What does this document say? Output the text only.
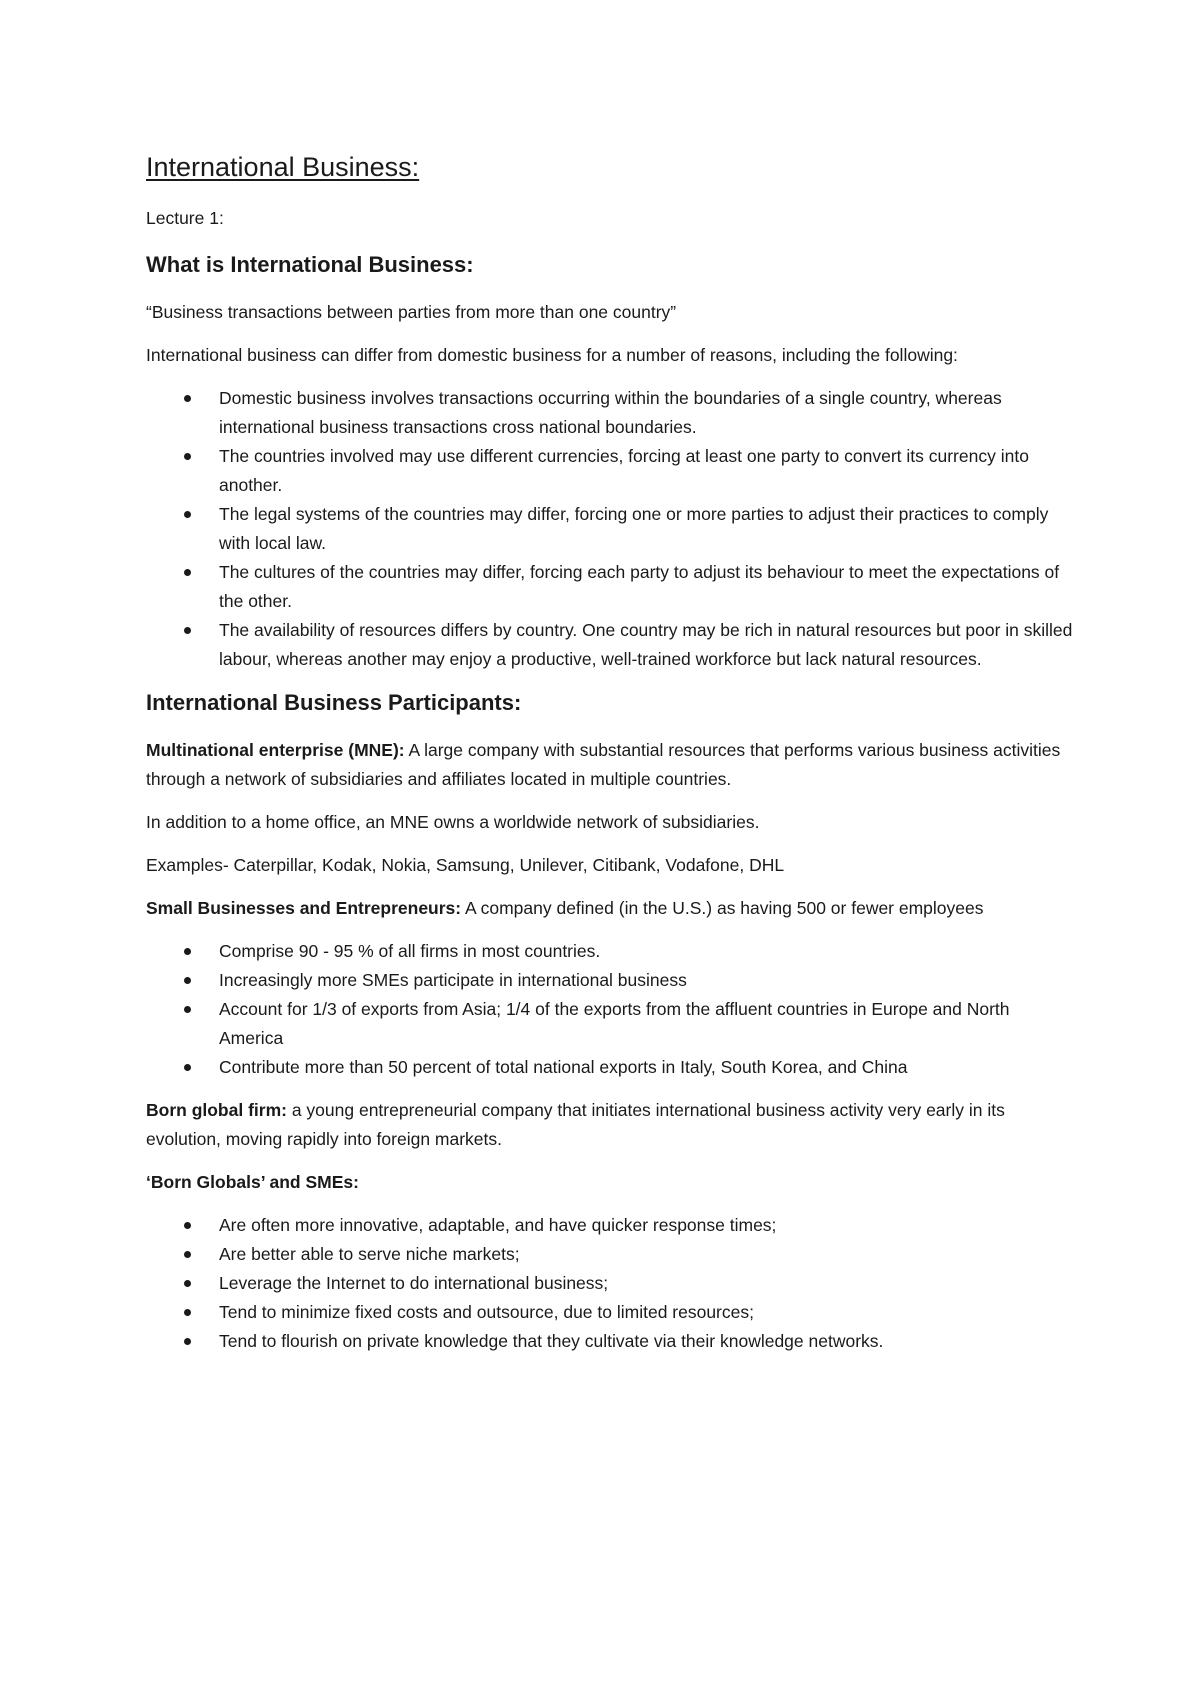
International Business:

Lecture 1:

What is International Business:

“Business transactions between parties from more than one country”

International business can differ from domestic business for a number of reasons, including the following:

Domestic business involves transactions occurring within the boundaries of a single country, whereas international business transactions cross national boundaries.
The countries involved may use different currencies, forcing at least one party to convert its currency into another.
The legal systems of the countries may differ, forcing one or more parties to adjust their practices to comply with local law.
The cultures of the countries may differ, forcing each party to adjust its behaviour to meet the expectations of the other.
The availability of resources differs by country. One country may be rich in natural resources but poor in skilled labour, whereas another may enjoy a productive, well-trained workforce but lack natural resources.
International Business Participants:

Multinational enterprise (MNE): A large company with substantial resources that performs various business activities through a network of subsidiaries and affiliates located in multiple countries.

In addition to a home office, an MNE owns a worldwide network of subsidiaries.

Examples- Caterpillar, Kodak, Nokia, Samsung, Unilever, Citibank, Vodafone, DHL

Small Businesses and Entrepreneurs: A company defined (in the U.S.) as having 500 or fewer employees

Comprise 90 - 95 % of all firms in most countries.
Increasingly more SMEs participate in international business
Account for 1/3 of exports from Asia; 1/4 of the exports from the affluent countries in Europe and North America
Contribute more than 50 percent of total national exports in Italy, South Korea, and China

Born global firm: a young entrepreneurial company that initiates international business activity very early in its evolution, moving rapidly into foreign markets.

‘Born Globals’ and SMEs:

Are often more innovative, adaptable, and have quicker response times;
Are better able to serve niche markets;
Leverage the Internet to do international business;
Tend to minimize fixed costs and outsource, due to limited resources;
Tend to flourish on private knowledge that they cultivate via their knowledge networks.
